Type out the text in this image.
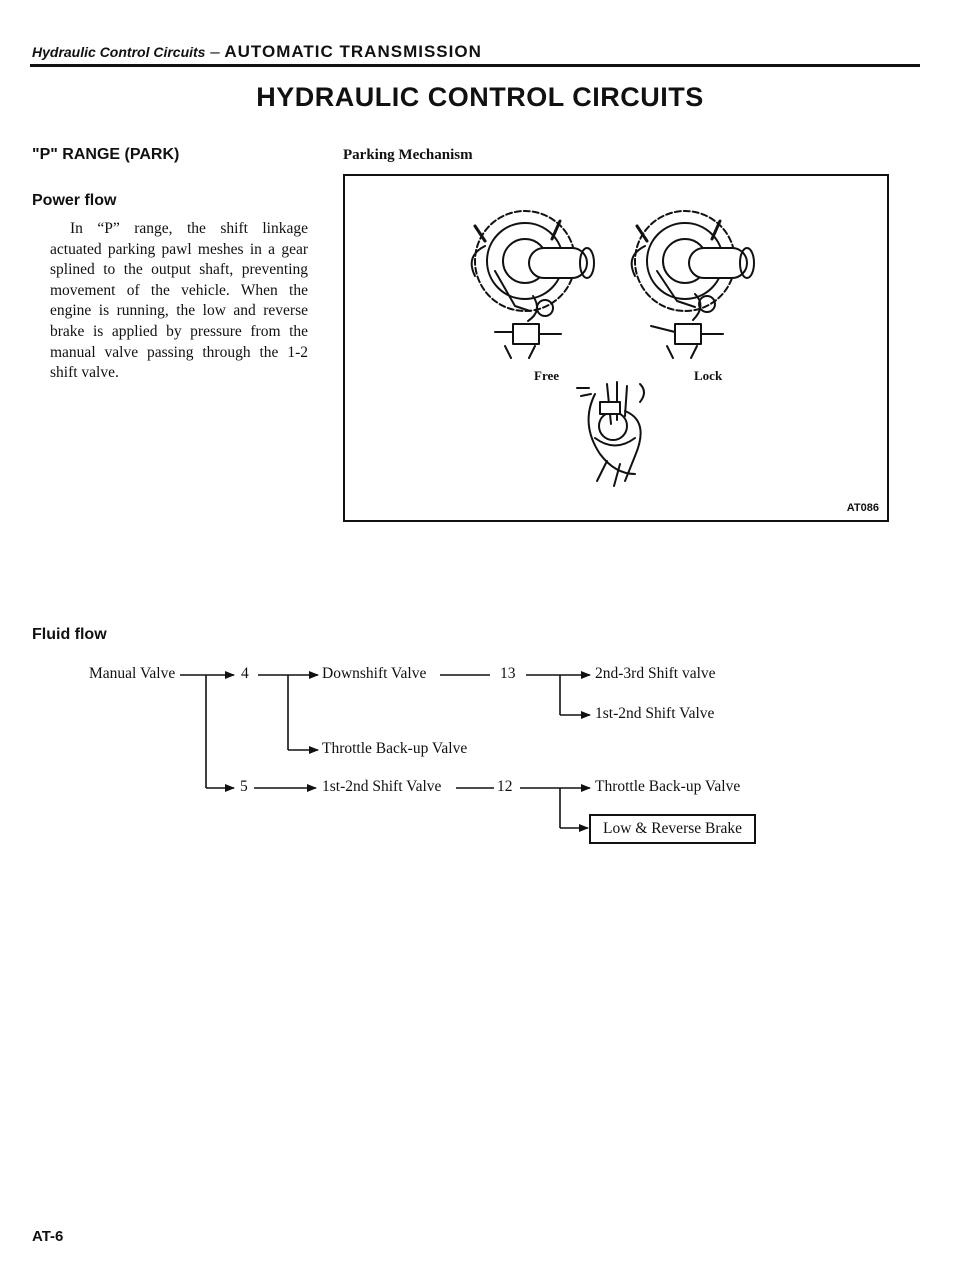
Hydraulic Control Circuits – AUTOMATIC TRANSMISSION
HYDRAULIC CONTROL CIRCUITS
"P" RANGE (PARK)
Power flow
In “P” range, the shift linkage actuated parking pawl meshes in a gear splined to the output shaft, preventing movement of the vehicle. When the engine is running, the low and reverse brake is applied by pressure from the manual valve passing through the 1-2 shift valve.
Parking Mechanism
Free	Lock
AT086
Fluid flow
Manual Valve	4	Downshift Valve	13	2nd-3rd Shift valve
1st-2nd Shift Valve
Throttle Back-up Valve
5	1st-2nd Shift Valve	12	Throttle Back-up Valve
Low & Reverse Brake
AT-6
